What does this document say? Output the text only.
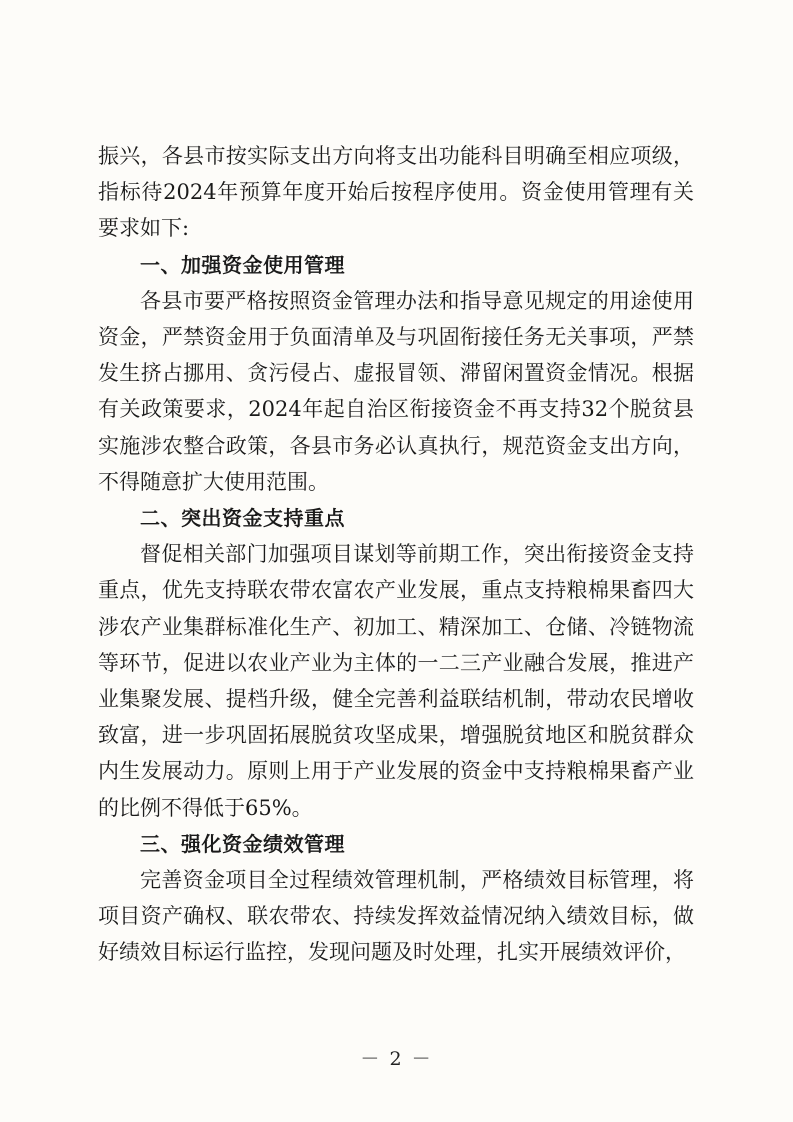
振兴，各县市按实际支出方向将支出功能科目明确至相应项级，指标待2024年预算年度开始后按程序使用。资金使用管理有关要求如下:

一、加强资金使用管理

各县市要严格按照资金管理办法和指导意见规定的用途使用资金，严禁资金用于负面清单及与巩固衔接任务无关事项，严禁发生挤占挪用、贪污侵占、虚报冒领、滞留闲置资金情况。根据有关政策要求，2024年起自治区衔接资金不再支持32个脱贫县实施涉农整合政策，各县市务必认真执行，规范资金支出方向，不得随意扩大使用范围。

二、突出资金支持重点

督促相关部门加强项目谋划等前期工作，突出衔接资金支持重点，优先支持联农带农富农产业发展，重点支持粮棉果畜四大涉农产业集群标准化生产、初加工、精深加工、仓储、冷链物流等环节，促进以农业产业为主体的一二三产业融合发展，推进产业集聚发展、提档升级，健全完善利益联结机制，带动农民增收致富，进一步巩固拓展脱贫攻坚成果，增强脱贫地区和脱贫群众内生发展动力。原则上用于产业发展的资金中支持粮棉果畜产业的比例不得低于65%。

三、强化资金绩效管理

完善资金项目全过程绩效管理机制，严格绩效目标管理，将项目资产确权、联农带农、持续发挥效益情况纳入绩效目标，做好绩效目标运行监控，发现问题及时处理，扎实开展绩效评价，

－ 2 －
